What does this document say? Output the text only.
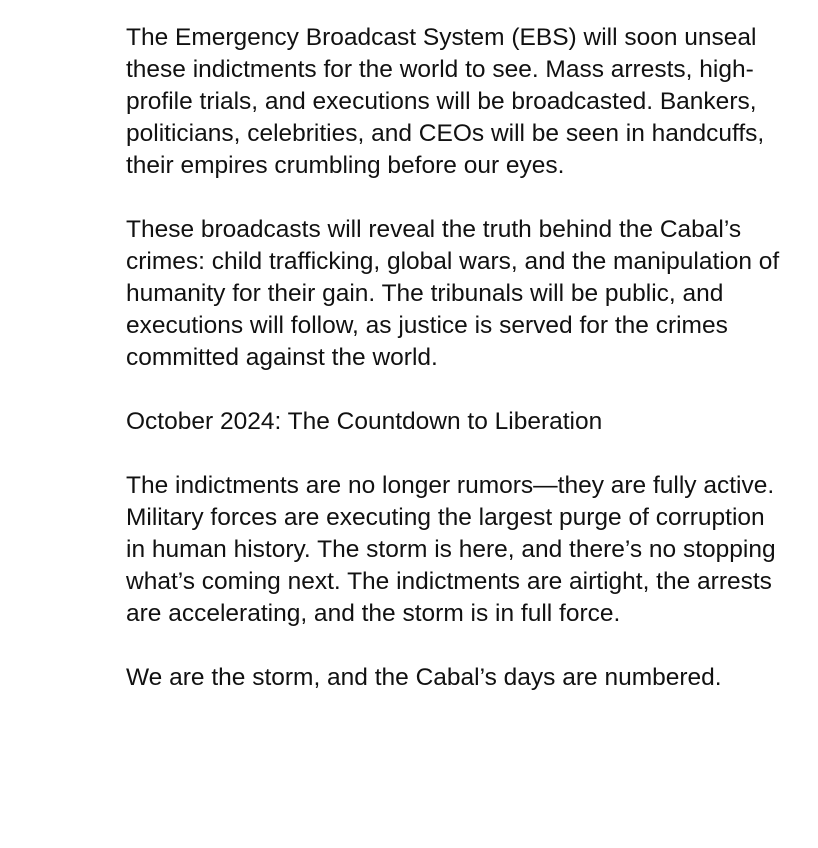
The Emergency Broadcast System (EBS) will soon unseal these indictments for the world to see. Mass arrests, high-profile trials, and executions will be broadcasted. Bankers, politicians, celebrities, and CEOs will be seen in handcuffs, their empires crumbling before our eyes.

These broadcasts will reveal the truth behind the Cabal’s crimes: child trafficking, global wars, and the manipulation of humanity for their gain. The tribunals will be public, and executions will follow, as justice is served for the crimes committed against the world.

October 2024: The Countdown to Liberation

The indictments are no longer rumors—they are fully active. Military forces are executing the largest purge of corruption in human history. The storm is here, and there’s no stopping what’s coming next. The indictments are airtight, the arrests are accelerating, and the storm is in full force.

We are the storm, and the Cabal’s days are numbered.
